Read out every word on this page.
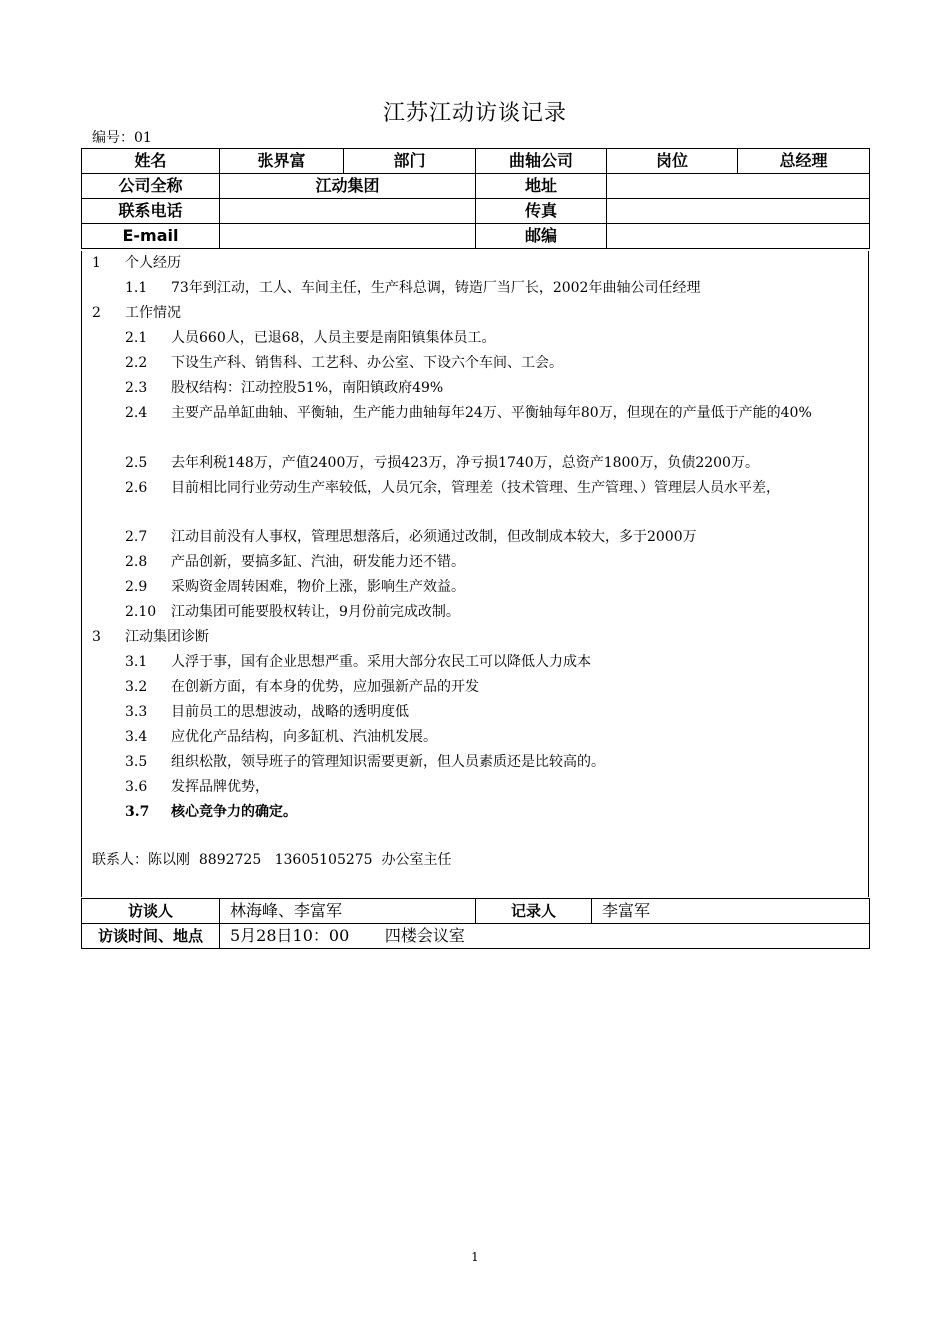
江苏江动访谈记录
编号：01
姓名	张界富	部门	曲轴公司	岗位	总经理
公司全称	江动集团		地址		
联系电话			传真		
E-mail			邮编		
1 个人经历
1.1 73年到江动，工人、车间主任，生产科总调，铸造厂当厂长，2002年曲轴公司任经理
2 工作情况
2.1 人员660人，已退68，人员主要是南阳镇集体员工。
2.2 下设生产科、销售科、工艺科、办公室、下设六个车间、工会。
2.3 股权结构：江动控股51%，南阳镇政府49%
2.4 主要产品单缸曲轴、平衡轴，生产能力曲轴每年24万、平衡轴每年80万，但现在的产量低于产能的40%
2.5 去年利税148万，产值2400万，亏损423万，净亏损1740万，总资产1800万，负债2200万。
2.6 目前相比同行业劳动生产率较低，人员冗余，管理差（技术管理、生产管理、）管理层人员水平差，
2.7 江动目前没有人事权，管理思想落后，必须通过改制，但改制成本较大，多于2000万
2.8 产品创新，要搞多缸、汽油，研发能力还不错。
2.9 采购资金周转困难，物价上涨，影响生产效益。
2.10 江动集团可能要股权转让，9月份前完成改制。
3 江动集团诊断
3.1 人浮于事，国有企业思想严重。采用大部分农民工可以降低人力成本
3.2 在创新方面，有本身的优势，应加强新产品的开发
3.3 目前员工的思想波动，战略的透明度低
3.4 应优化产品结构，向多缸机、汽油机发展。
3.5 组织松散，领导班子的管理知识需要更新，但人员素质还是比较高的。
3.6 发挥品牌优势，
3.7 核心竞争力的确定。
联系人：陈以刚  8892725   13605105275  办公室主任
访谈人	林海峰、李富军	记录人	李富军
访谈时间、地点	5月28日10：00       四楼会议室		
1
